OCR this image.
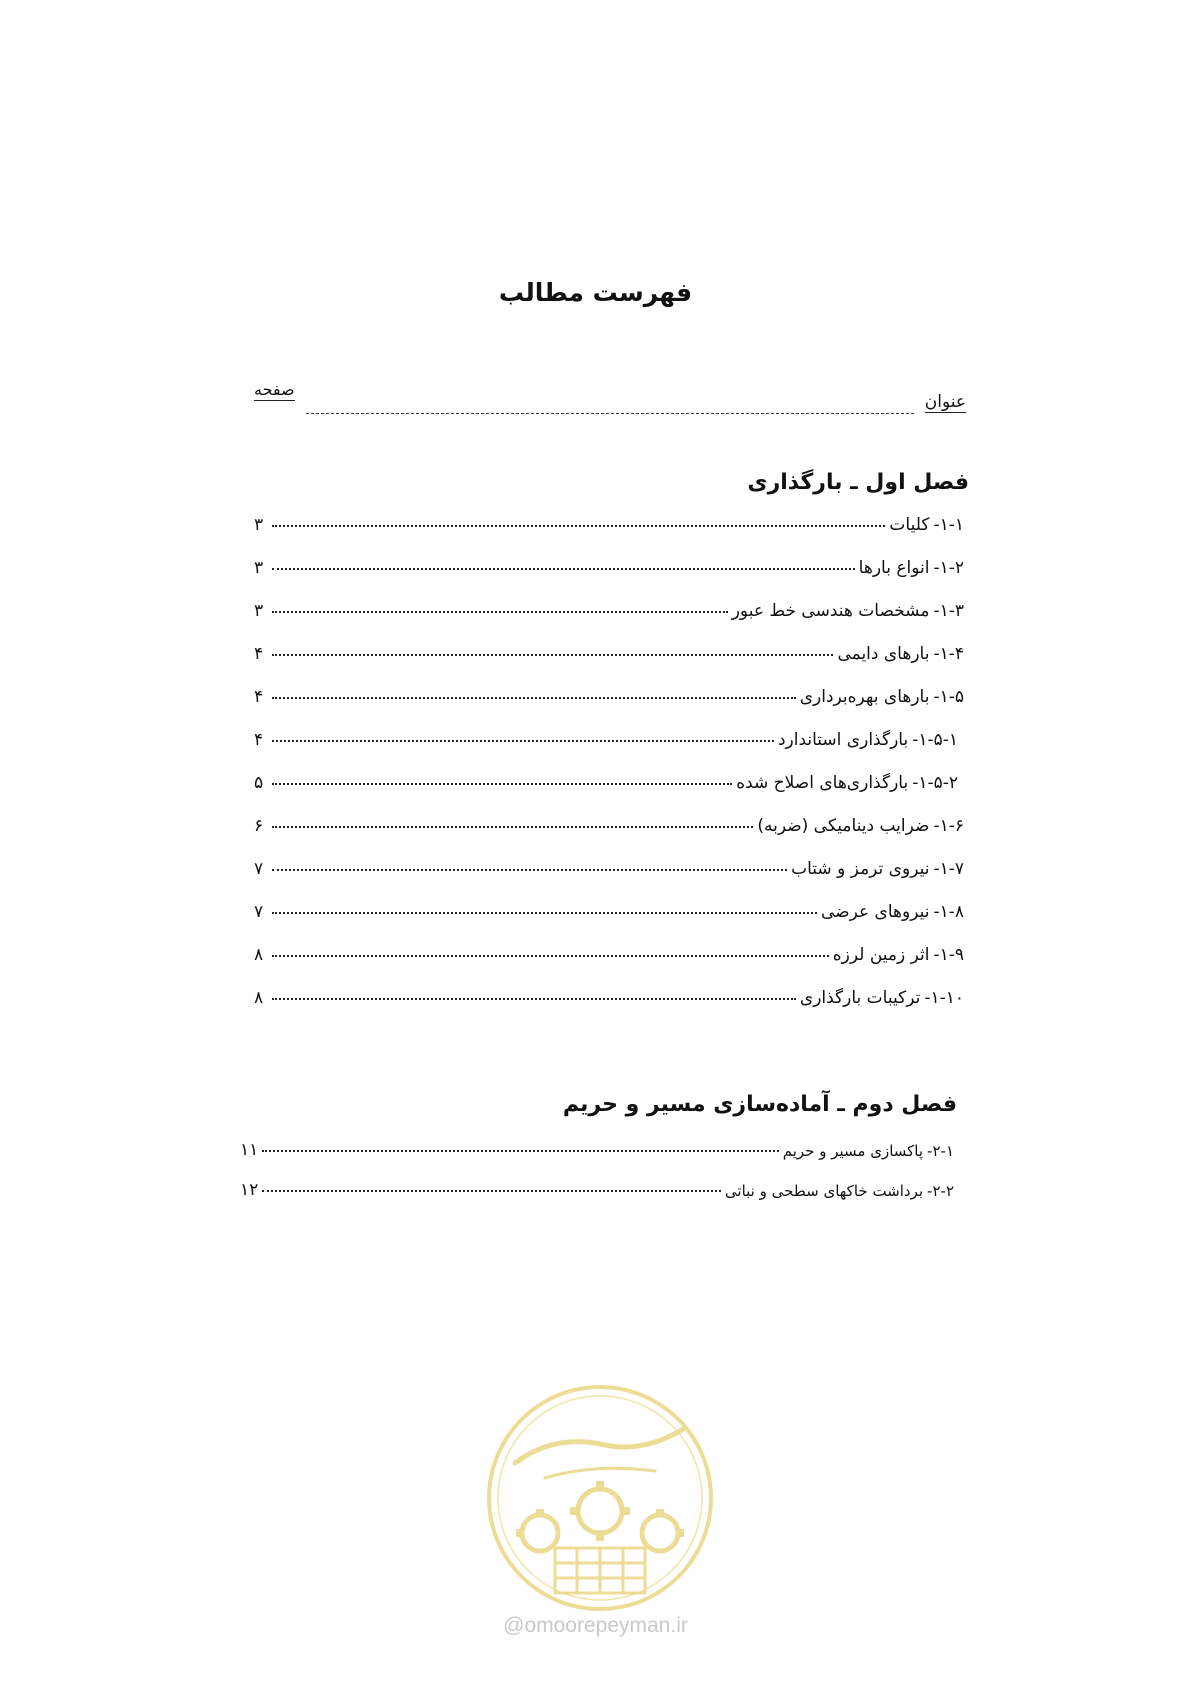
فهرست مطالب
عنوان
صفحه
فصل اول ـ بارگذاری
۱-۱-
کلیات
۳
۱-۲-
انواع بارها
۳
۱-۳-
مشخصات هندسی خط عبور
۳
۱-۴-
بارهای دایمی
۴
۱-۵-
بارهای بهره‌برداری
۴
۱-۵-۱-
بارگذاری استاندارد
۴
۱-۵-۲-
بارگذاری‌های اصلاح شده
۵
۱-۶-
ضرایب دینامیکی (ضربه)
۶
۱-۷-
نیروی ترمز و شتاب
۷
۱-۸-
نیروهای عرضی
۷
۱-۹-
اثر زمین لرزه
۸
۱-۱۰-
ترکیبات بارگذاری
۸
فصل دوم ـ آماده‌سازی مسیر و حریم
۲-۱-
پاکسازی مسیر و حریم
۱۱
۲-۲-
برداشت خاکهای سطحی و نباتی
۱۲
@omoorepeyman.ir
